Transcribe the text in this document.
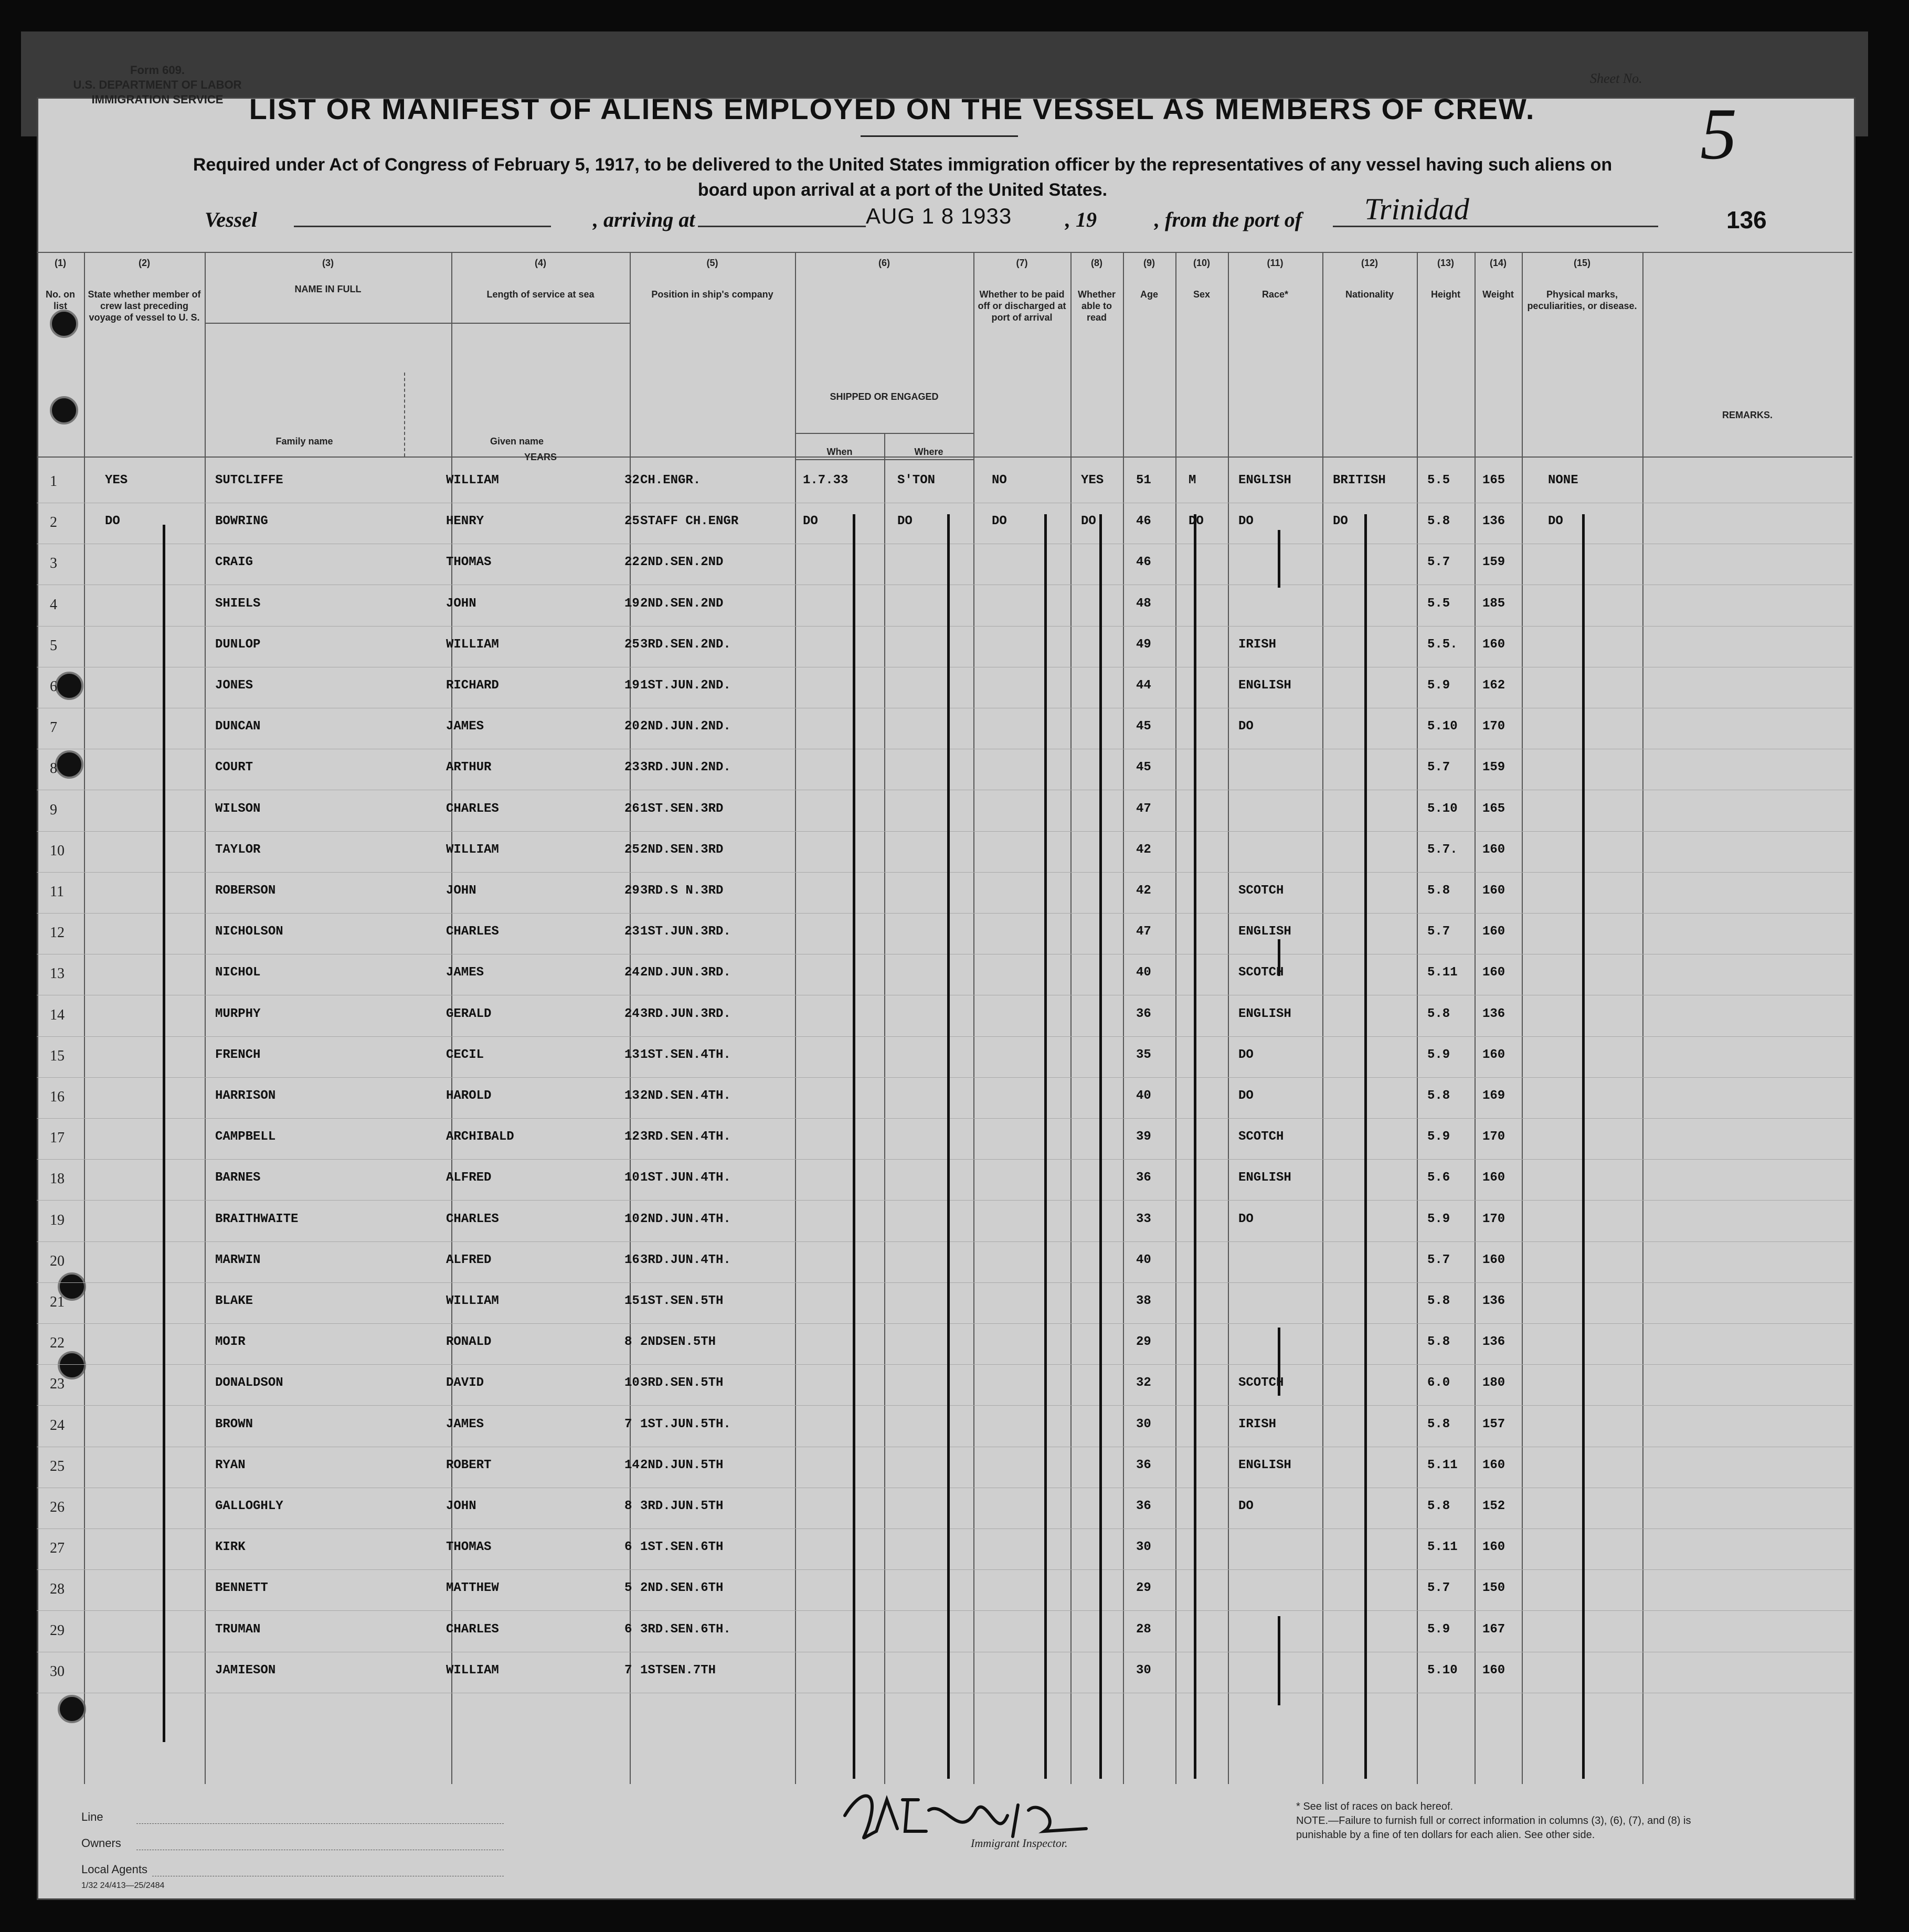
Form 609.
U.S. DEPARTMENT OF LABOR
IMMIGRATION SERVICE
Sheet No.
5
LIST OR MANIFEST OF ALIENS EMPLOYED ON THE VESSEL AS MEMBERS OF CREW.
Required under Act of Congress of February 5, 1917, to be delivered to the United States immigration officer by the representatives of any vessel having such aliens on board upon arrival at a port of the United States.
Vessel	, arriving at	, 19	, from the port of
AUG 1 8 1933	Trinidad	136
(1)
No. on list
(2)
State whether member of crew last preceding voyage of vessel to U. S.
(3)
NAME IN FULL
Family name	Given name
(4)
Length of service at sea
YEARS
(5)
Position in ship's company
(6)
SHIPPED OR ENGAGED
When	Where
(7)
Whether to be paid off or discharged at port of arrival
(8)
Whether able to read
(9)
Age
(10)
Sex
(11)
Race*
(12)
Nationality
(13)
Height
(14)
Weight
(15)
Physical marks, peculiarities, or disease.
REMARKS.
1	YES	SUTCLIFFE	WILLIAM	32 CH.ENGR.	1.7.33	S'TON	NO	YES	51	M	ENGLISH	BRITISH	5.5	165	NONE
2	DO	BOWRING	HENRY	25 STAFF CH.ENGR	DO	DO	DO	DO	46	DO	DO	DO	5.8	136	DO
3	CRAIG	THOMAS	22 2ND.SEN.2ND	46	5.7	159
4	SHIELS	JOHN	19 2ND.SEN.2ND	48	5.5	185
5	DUNLOP	WILLIAM	25 3RD.SEN.2ND.	49	IRISH	5.5. 160
6	JONES	RICHARD	19 1ST.JUN.2ND.	44	ENGLISH	5.9	162
7	DUNCAN	JAMES	20 2ND.JUN.2ND.	45	DO	5.10 170
8	COURT	ARTHUR	23 3RD.JUN.2ND.	45	5.7	159
9	WILSON	CHARLES	26 1ST.SEN.3RD	47	5.10 165
10	TAYLOR	WILLIAM	25 2ND.SEN.3RD	42	5.7. 160
11	ROBERSON	JOHN	29 3RD.S N.3RD	42	SCOTCH	5.8	160
12	NICHOLSON	CHARLES	23 1ST.JUN.3RD.	47	ENGLISH	5.7	160
13	NICHOL	JAMES	24 2ND.JUN.3RD.	40	SCOTCH	5.11 160
14	MURPHY	GERALD	24 3RD.JUN.3RD.	36	ENGLISH	5.8	136
15	FRENCH	CECIL	13 1ST.SEN.4TH.	35	DO	5.9	160
16	HARRISON	HAROLD	13 2ND.SEN.4TH.	40	DO	5.8	169
17	CAMPBELL	ARCHIBALD	12 3RD.SEN.4TH.	39	SCOTCH	5.9	170
18	BARNES	ALFRED	10 1ST.JUN.4TH.	36	ENGLISH	5.6	160
19	BRAITHWAITE	CHARLES	10 2ND.JUN.4TH.	33	DO	5.9	170
20	MARWIN	ALFRED	16 3RD.JUN.4TH.	40	5.7	160
21	BLAKE	WILLIAM	15 1ST.SEN.5TH	38	5.8	136
22	MOIR	RONALD	8 2NDSEN.5TH	29	5.8	136
23	DONALDSON	DAVID	10 3RD.SEN.5TH	32	SCOTCH	6.0	180
24	BROWN	JAMES	7 1ST.JUN.5TH.	30	IRISH	5.8	157
25	RYAN	ROBERT	14 2ND.JUN.5TH	36	ENGLISH	5.11 160
26	GALLOGHLY	JOHN	8 3RD.JUN.5TH	36	DO	5.8	152
27	KIRK	THOMAS	6 1ST.SEN.6TH	30	5.11 160
28	BENNETT	MATTHEW	5 2ND.SEN.6TH	29	5.7	150
29	TRUMAN	CHARLES	6 3RD.SEN.6TH.	28	5.9	167
30	JAMIESON	WILLIAM	7 1STSEN.7TH	30	5.10 160
Line
Owners
Local Agents
1/32 24/413—25/2484
Immigrant Inspector.
* See list of races on back hereof.
NOTE.—Failure to furnish full or correct information in columns (3), (6), (7), and (8) is punishable by a fine of ten dollars for each alien. See other side.
